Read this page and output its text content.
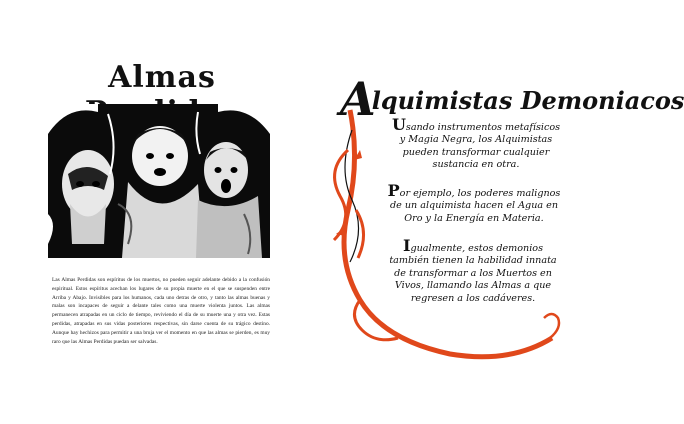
Almas
Las Almas Perdidas son espíritus de los muertos, no pueden seguir adelante debido a la confusión espiritual. Estos espíritus acechan los lugares de su propia muerte en el que se suspenden entre Arriba y Abajo. Invisibles para los humanos, cada uno detras de otro, y tanto las almas buenas y malas son incapaces de seguir a delante tales como una muerte violenta juntos. Las almas permanecen atrapadas en un ciclo de tiempo, reviviendo el día de su muerte una y otra vez. Estas perdidas, atrapadas en sus vidas posteriores respectivas, sin darse cuenta de su trágico destino. Aunque hay hechizos para permitir a una bruja ver el momento en que las almas se pierden, es muy raro que las Almas Perdidas puedan ser salvadas.
Alquimistas Demoniacos
Usando instrumentos metafísicos y Magia Negra, los Alquimistas pueden transformar cualquier sustancia en otra.
Por ejemplo, los poderes malignos de un alquimista hacen el Agua en Oro y la Energía en Materia.
Igualmente, estos demonios también tienen la habilidad innata de transformar a los Muertos en Vivos, llamando las Almas a que regresen a los cadáveres.
